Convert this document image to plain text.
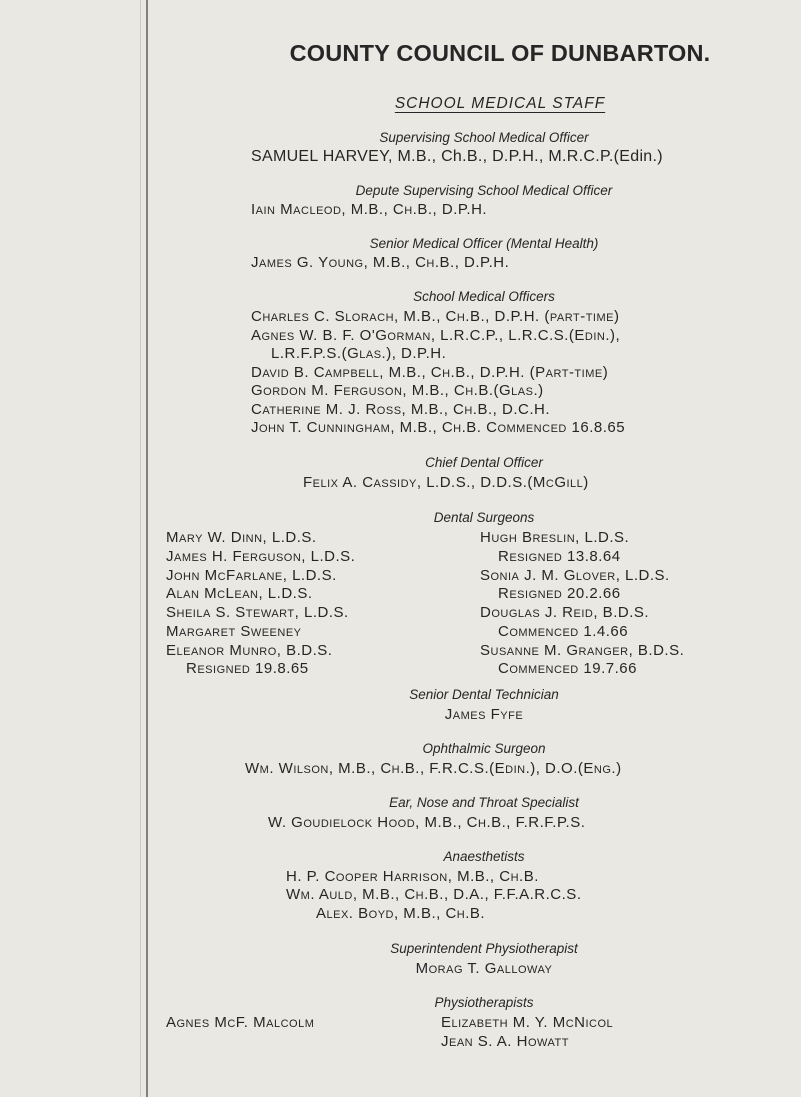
COUNTY COUNCIL OF DUNBARTON.
SCHOOL MEDICAL STAFF
Supervising School Medical Officer
SAMUEL HARVEY, M.B., Ch.B., D.P.H., M.R.C.P.(Edin.)
Depute Supervising School Medical Officer
Iain Macleod, M.B., Ch.B., D.P.H.
Senior Medical Officer (Mental Health)
James G. Young, M.B., Ch.B., D.P.H.
School Medical Officers
Charles C. Slorach, M.B., Ch.B., D.P.H. (part-time)
Agnes W. B. F. O'Gorman, L.R.C.P., L.R.C.S.(Edin.),
L.R.F.P.S.(Glas.), D.P.H.
David B. Campbell, M.B., Ch.B., D.P.H. (Part-time)
Gordon M. Ferguson, M.B., Ch.B.(Glas.)
Catherine M. J. Ross, M.B., Ch.B., D.C.H.
John T. Cunningham, M.B., Ch.B. Commenced 16.8.65
Chief Dental Officer
Felix A. Cassidy, L.D.S., D.D.S.(McGill)
Dental Surgeons
Mary W. Dinn, L.D.S.
James H. Ferguson, L.D.S.
John McFarlane, L.D.S.
Alan McLean, L.D.S.
Sheila S. Stewart, L.D.S.
Margaret Sweeney
Eleanor Munro, B.D.S.
Resigned 19.8.65
Hugh Breslin, L.D.S.
Resigned 13.8.64
Sonia J. M. Glover, L.D.S.
Resigned 20.2.66
Douglas J. Reid, B.D.S.
Commenced 1.4.66
Susanne M. Granger, B.D.S.
Commenced 19.7.66
Senior Dental Technician
James Fyfe
Ophthalmic Surgeon
Wm. Wilson, M.B., Ch.B., F.R.C.S.(Edin.), D.O.(Eng.)
Ear, Nose and Throat Specialist
W. Goudielock Hood, M.B., Ch.B., F.R.F.P.S.
Anaesthetists
H. P. Cooper Harrison, M.B., Ch.B.
Wm. Auld, M.B., Ch.B., D.A., F.F.A.R.C.S.
Alex. Boyd, M.B., Ch.B.
Superintendent Physiotherapist
Morag T. Galloway
Physiotherapists
Agnes McF. Malcolm	Elizabeth M. Y. McNicol
Jean S. A. Howatt
